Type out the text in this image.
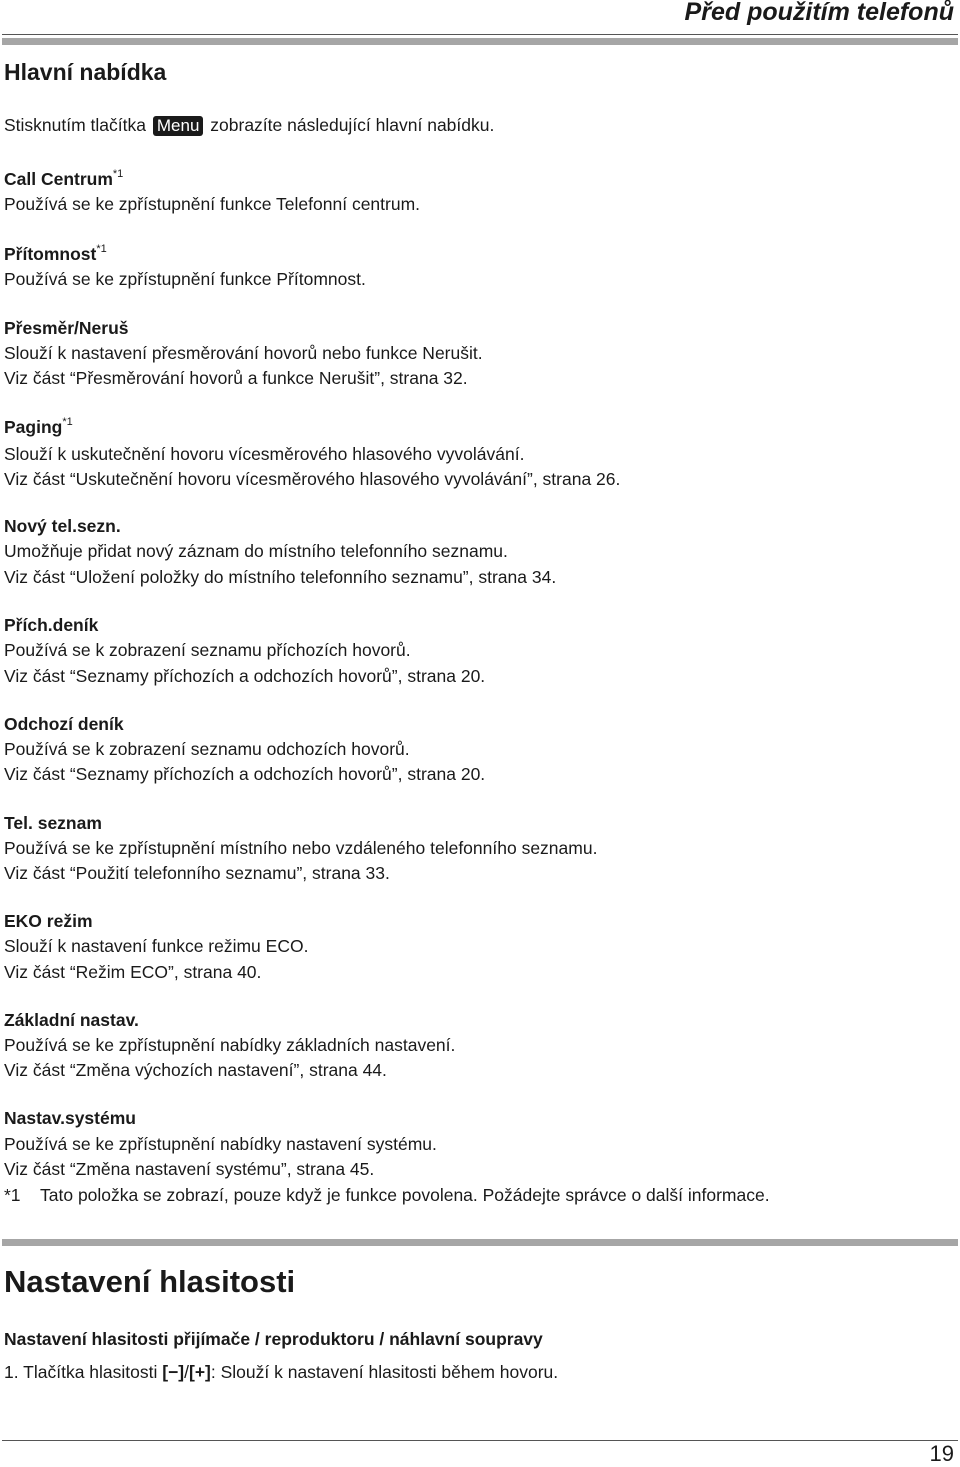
Před použitím telefonů
Hlavní nabídka
Stisknutím tlačítka Menu zobrazíte následující hlavní nabídku.
Call Centrum$^{*1}$
Používá se ke zpřístupnění funkce Telefonní centrum.
Přítomnost$^{*1}$
Používá se ke zpřístupnění funkce Přítomnost.
Přesměr/Neruš
Slouží k nastavení přesměrování hovorů nebo funkce Nerušit.
Viz část “Přesměrování hovorů a funkce Nerušit”, strana 32.
Paging$^{*1}$
Slouží k uskutečnění hovoru vícesměrového hlasového vyvolávání.
Viz část “Uskutečnění hovoru vícesměrového hlasového vyvolávání”, strana 26.
Nový tel.sezn.
Umožňuje přidat nový záznam do místního telefonního seznamu.
Viz část “Uložení položky do místního telefonního seznamu”, strana 34.
Přích.deník
Používá se k zobrazení seznamu příchozích hovorů.
Viz část “Seznamy příchozích a odchozích hovorů”, strana 20.
Odchozí deník
Používá se k zobrazení seznamu odchozích hovorů.
Viz část “Seznamy příchozích a odchozích hovorů”, strana 20.
Tel. seznam
Používá se ke zpřístupnění místního nebo vzdáleného telefonního seznamu.
Viz část “Použití telefonního seznamu”, strana 33.
EKO režim
Slouží k nastavení funkce režimu ECO.
Viz část “Režim ECO”, strana 40.
Základní nastav.
Používá se ke zpřístupnění nabídky základních nastavení.
Viz část “Změna výchozích nastavení”, strana 44.
Nastav.systému
Používá se ke zpřístupnění nabídky nastavení systému.
Viz část “Změna nastavení systému”, strana 45.
*1 Tato položka se zobrazí, pouze když je funkce povolena. Požádejte správce o další informace.
Nastavení hlasitosti
Nastavení hlasitosti přijímače / reproduktoru / náhlavní soupravy
1. Tlačítka hlasitosti [−]/[+]: Slouží k nastavení hlasitosti během hovoru.
19
